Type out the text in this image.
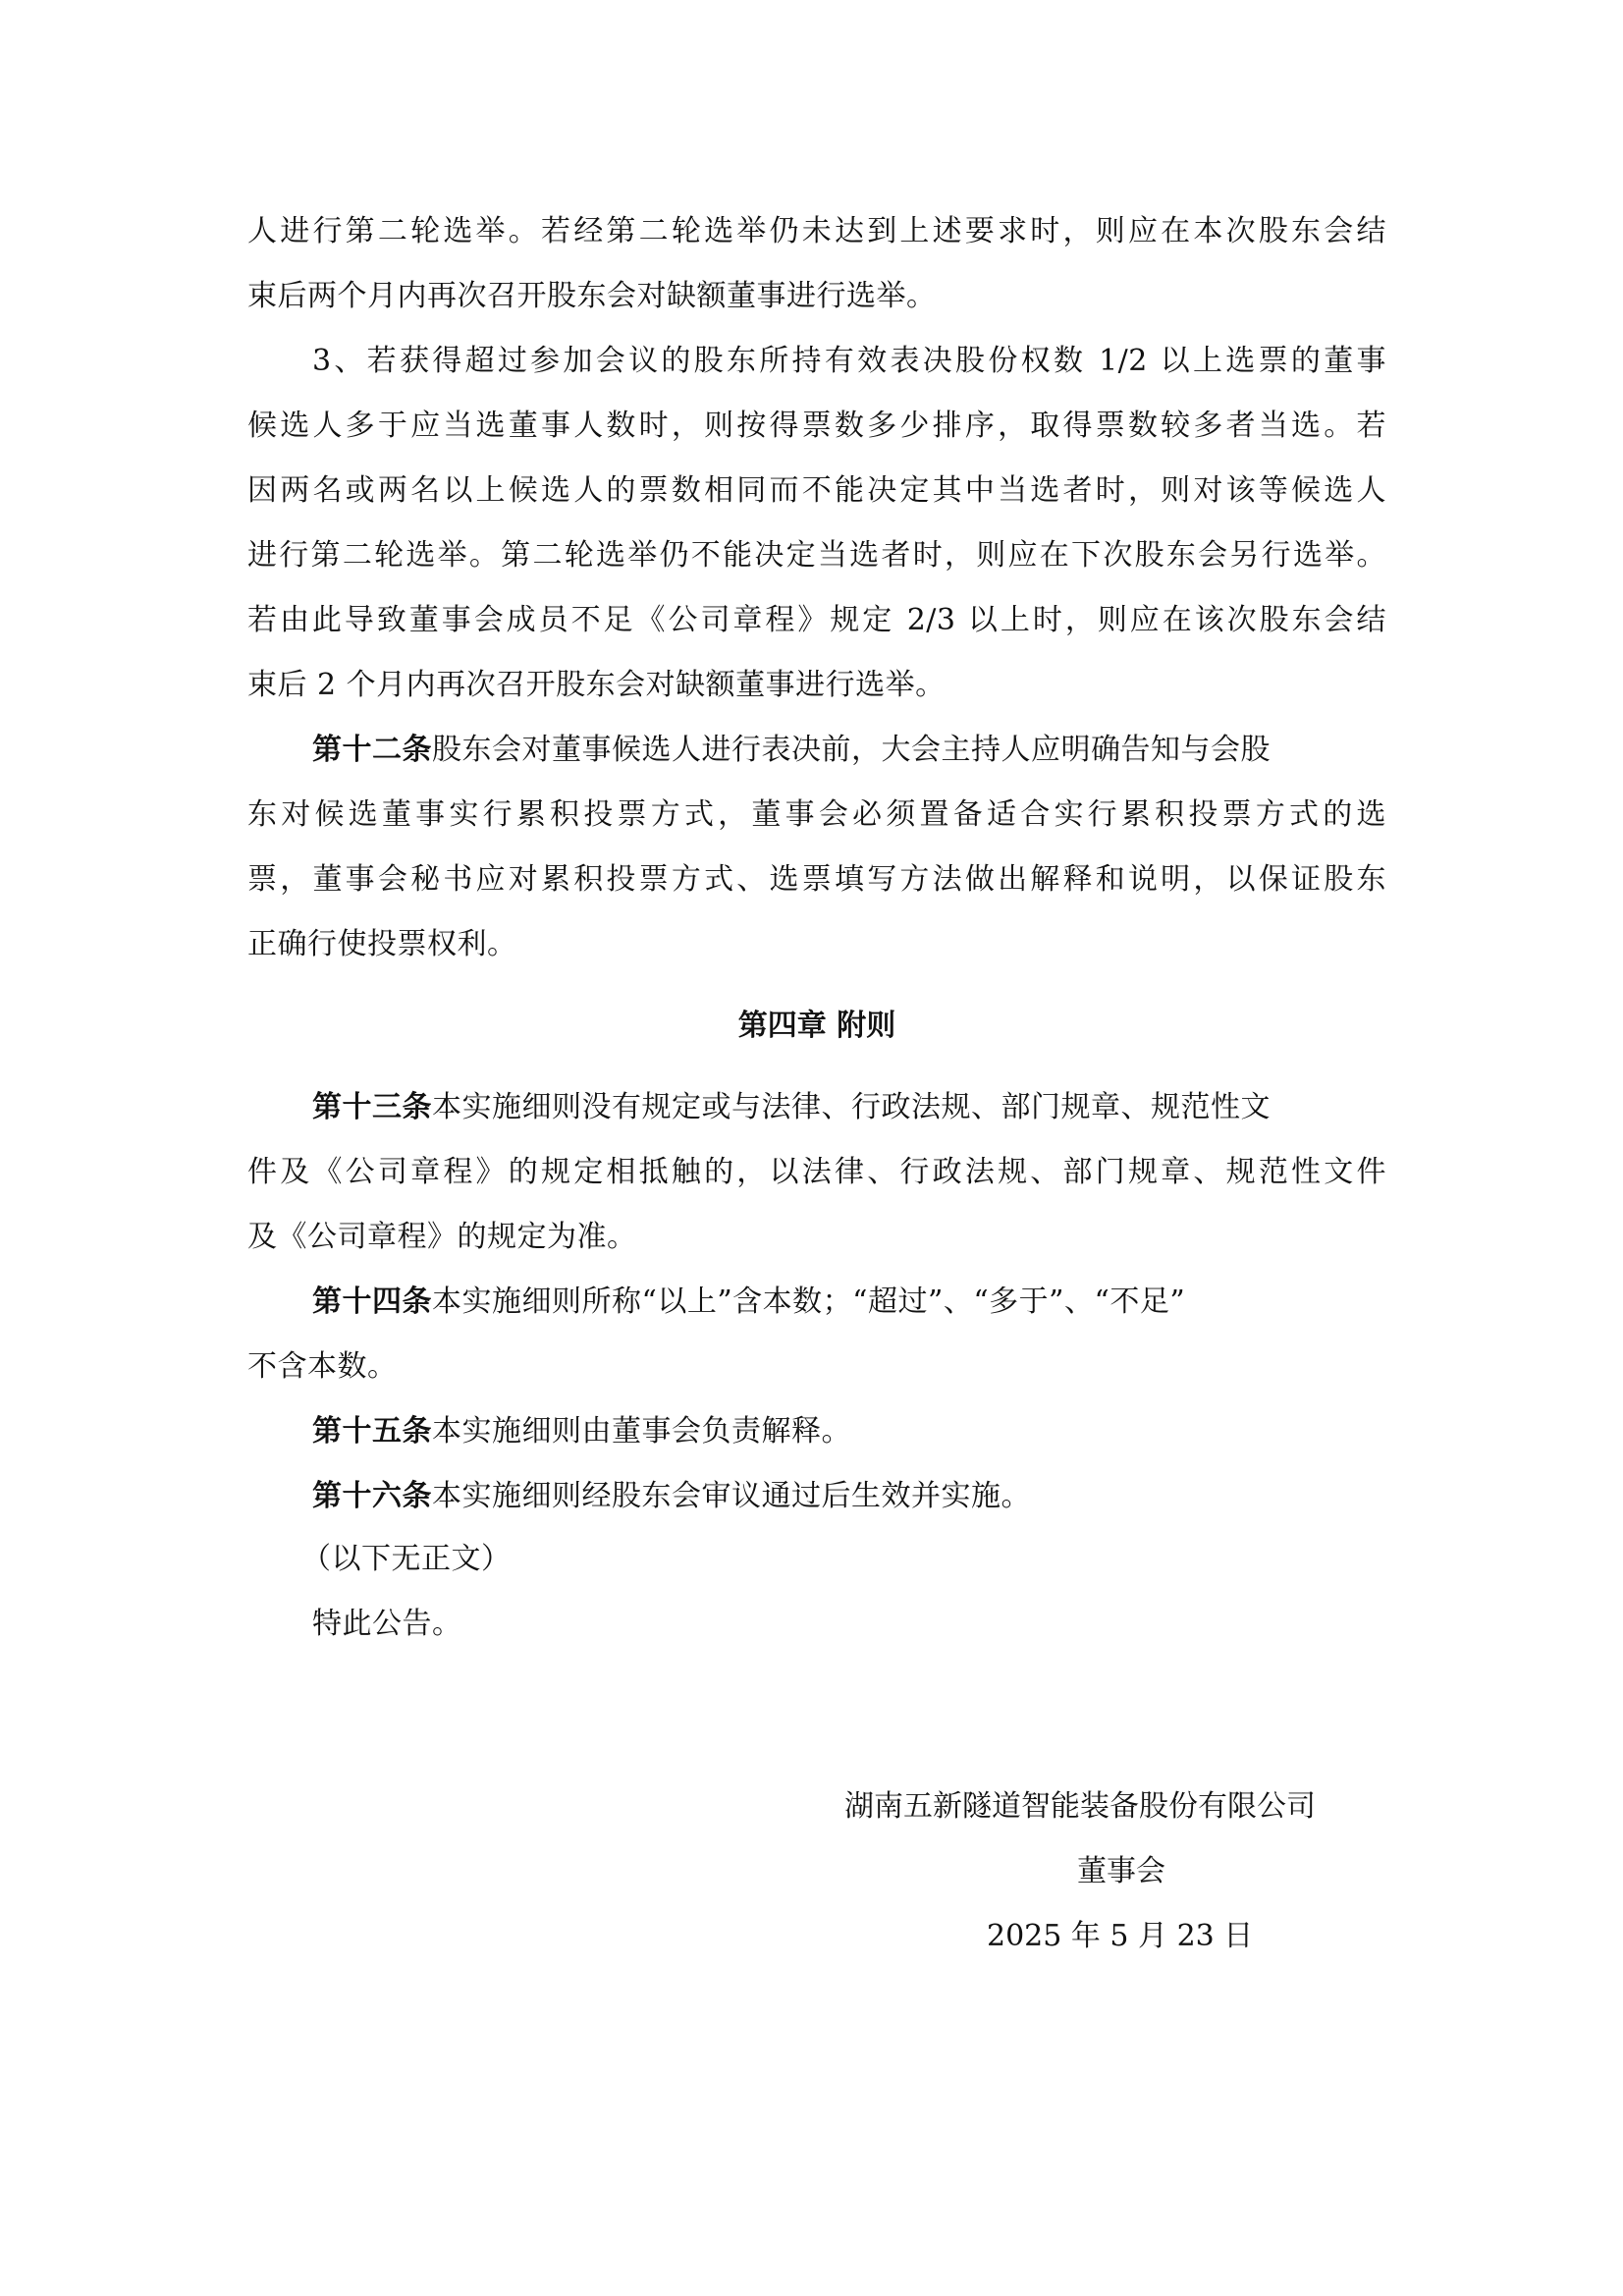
人进行第二轮选举。若经第二轮选举仍未达到上述要求时，则应在本次股东会结
束后两个月内再次召开股东会对缺额董事进行选举。
3、若获得超过参加会议的股东所持有效表决股份权数 1/2 以上选票的董事
候选人多于应当选董事人数时，则按得票数多少排序，取得票数较多者当选。若
因两名或两名以上候选人的票数相同而不能决定其中当选者时，则对该等候选人
进行第二轮选举。第二轮选举仍不能决定当选者时，则应在下次股东会另行选举。
若由此导致董事会成员不足《公司章程》规定 2/3 以上时，则应在该次股东会结
束后 2 个月内再次召开股东会对缺额董事进行选举。
第十二条股东会对董事候选人进行表决前，大会主持人应明确告知与会股
东对候选董事实行累积投票方式，董事会必须置备适合实行累积投票方式的选
票，董事会秘书应对累积投票方式、选票填写方法做出解释和说明，以保证股东
正确行使投票权利。
第四章 附则
第十三条本实施细则没有规定或与法律、行政法规、部门规章、规范性文
件及《公司章程》的规定相抵触的，以法律、行政法规、部门规章、规范性文件
及《公司章程》的规定为准。
第十四条本实施细则所称“以上”含本数；“超过”、“多于”、“不足”
不含本数。
第十五条本实施细则由董事会负责解释。
第十六条本实施细则经股东会审议通过后生效并实施。
（以下无正文）
特此公告。
湖南五新隧道智能装备股份有限公司
董事会
2025 年 5 月 23 日
